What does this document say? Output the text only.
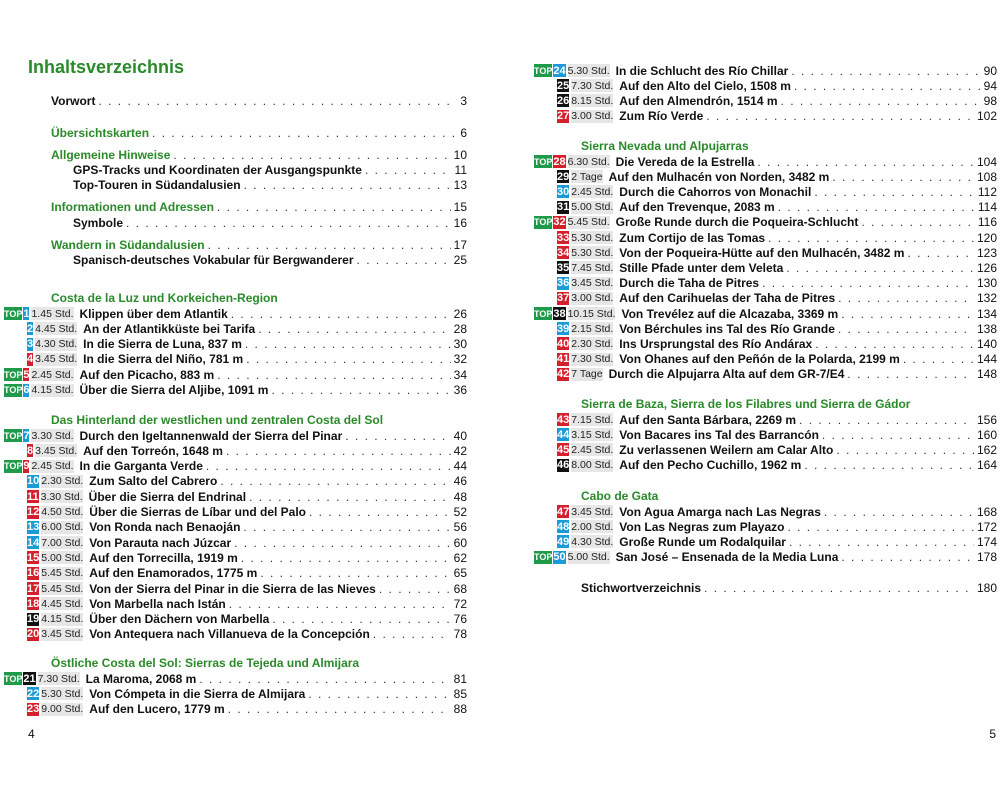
Inhaltsverzeichnis
Vorwort . . .	3
Übersichtskarten . . .	6
Allgemeine Hinweise . . .	10
GPS-Tracks und Koordinaten der Ausgangspunkte . . .	11
Top-Touren in Südandalusien . . .	13
Informationen und Adressen . . .	15
Symbole . . .	16
Wandern in Südandalusien . . .	17
Spanisch-deutsches Vokabular für Bergwanderer . . .	25
Costa de la Luz und Korkeichen-Region
TOP 1 1.45 Std. Klippen über dem Atlantik . . .	26
2 4.45 Std. An der Atlantikküste bei Tarifa . . .	28
3 4.30 Std. In die Sierra de Luna, 837 m . . .	30
4 3.45 Std. In die Sierra del Niño, 781 m . . .	32
TOP 5 2.45 Std. Auf den Picacho, 883 m . . .	34
TOP 6 4.15 Std. Über die Sierra del Aljibe, 1091 m . . .	36
Das Hinterland der westlichen und zentralen Costa del Sol
TOP 7 3.30 Std. Durch den Igeltannenwald der Sierra del Pinar . . .	40
8 3.45 Std. Auf den Torreón, 1648 m . . .	42
TOP 9 2.45 Std. In die Garganta Verde . . .	44
10 2.30 Std. Zum Salto del Cabrero . . .	46
11 3.30 Std. Über die Sierra del Endrinal . . .	48
12 4.50 Std. Über die Sierras de Líbar und del Palo . . .	52
13 6.00 Std. Von Ronda nach Benaoján . . .	56
14 7.00 Std. Von Parauta nach Júzcar . . .	60
15 5.00 Std. Auf den Torrecilla, 1919 m . . .	62
16 5.45 Std. Auf den Enamorados, 1775 m . . .	65
17 5.45 Std. Von der Sierra del Pinar in die Sierra de las Nieves . . .	68
18 4.45 Std. Von Marbella nach Istán . . .	72
19 4.15 Std. Über den Dächern von Marbella . . .	76
20 3.45 Std. Von Antequera nach Villanueva de la Concepción . . .	78
Östliche Costa del Sol: Sierras de Tejeda und Almijara
TOP 21 7.30 Std. La Maroma, 2068 m . . .	81
22 5.30 Std. Von Cómpeta in die Sierra de Almijara . . .	85
23 9.00 Std. Auf den Lucero, 1779 m . . .	88
4
TOP 24 5.30 Std. In die Schlucht des Río Chillar . . .	90
25 7.30 Std. Auf den Alto del Cielo, 1508 m . . .	94
26 8.15 Std. Auf den Almendrón, 1514 m . . .	98
27 3.00 Std. Zum Río Verde . . .	102
Sierra Nevada und Alpujarras
TOP 28 6.30 Std. Die Vereda de la Estrella . . .	104
29 2 Tage Auf den Mulhacén von Norden, 3482 m . . .	108
30 2.45 Std. Durch die Cahorros von Monachil . . .	112
31 5.00 Std. Auf den Trevenque, 2083 m . . .	114
TOP 32 5.45 Std. Große Runde durch die Poqueira-Schlucht . . .	116
33 5.30 Std. Zum Cortijo de las Tomas . . .	120
34 5.30 Std. Von der Poqueira-Hütte auf den Mulhacén, 3482 m . . .	123
35 7.45 Std. Stille Pfade unter dem Veleta . . .	126
36 3.45 Std. Durch die Taha de Pitres . . .	130
37 3.00 Std. Auf den Carihuelas der Taha de Pitres . . .	132
TOP 38 10.15 Std. Von Trevélez auf die Alcazaba, 3369 m . . .	134
39 2.15 Std. Von Bérchules ins Tal des Río Grande . . .	138
40 2.30 Std. Ins Ursprungstal des Río Andárax . . .	140
41 7.30 Std. Von Ohanes auf den Peñón de la Polarda, 2199 m . . .	144
42 7 Tage Durch die Alpujarra Alta auf dem GR-7/E4 . . .	148
Sierra de Baza, Sierra de los Filabres und Sierra de Gádor
43 7.15 Std. Auf den Santa Bárbara, 2269 m . . .	156
44 3.15 Std. Von Bacares ins Tal des Barrancón . . .	160
45 2.45 Std. Zu verlassenen Weilern am Calar Alto . . .	162
46 8.00 Std. Auf den Pecho Cuchillo, 1962 m . . .	164
Cabo de Gata
47 3.45 Std. Von Agua Amarga nach Las Negras . . .	168
48 2.00 Std. Von Las Negras zum Playazo . . .	172
49 4.30 Std. Große Runde um Rodalquilar . . .	174
TOP 50 5.00 Std. San José – Ensenada de la Media Luna . . .	178
Stichwortverzeichnis . . .	180
5
